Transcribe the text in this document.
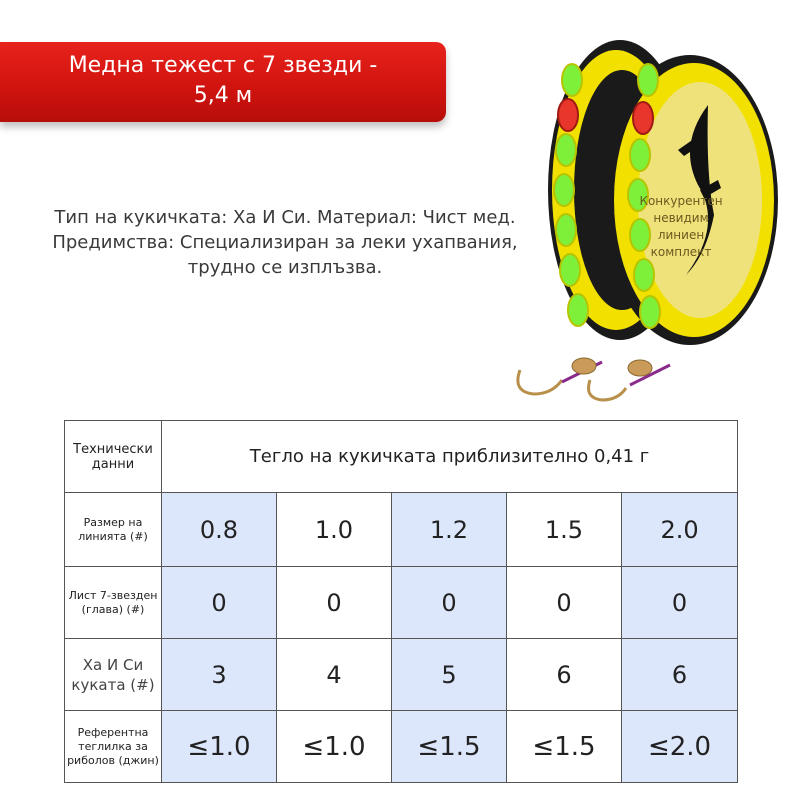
Медна тежест с 7 звезди -
5,4 м
Тип на кукичката: Ха И Си. Материал: Чист мед.
Предимства: Специализиран за леки ухапвания,
трудно се изплъзва.
Конкурентен
невидим
линиен
комплект
Технически данни	Тегло на кукичката приблизително 0,41 г				
Размер на линията (#)	0.8	1.0	1.2	1.5	2.0
Лист 7-звезден (глава) (#)	0	0	0	0	0
Ха И Си куката (#)	3	4	5	6	6
Референтна теглилка за риболов (джин)	≤1.0	≤1.0	≤1.5	≤1.5	≤2.0
